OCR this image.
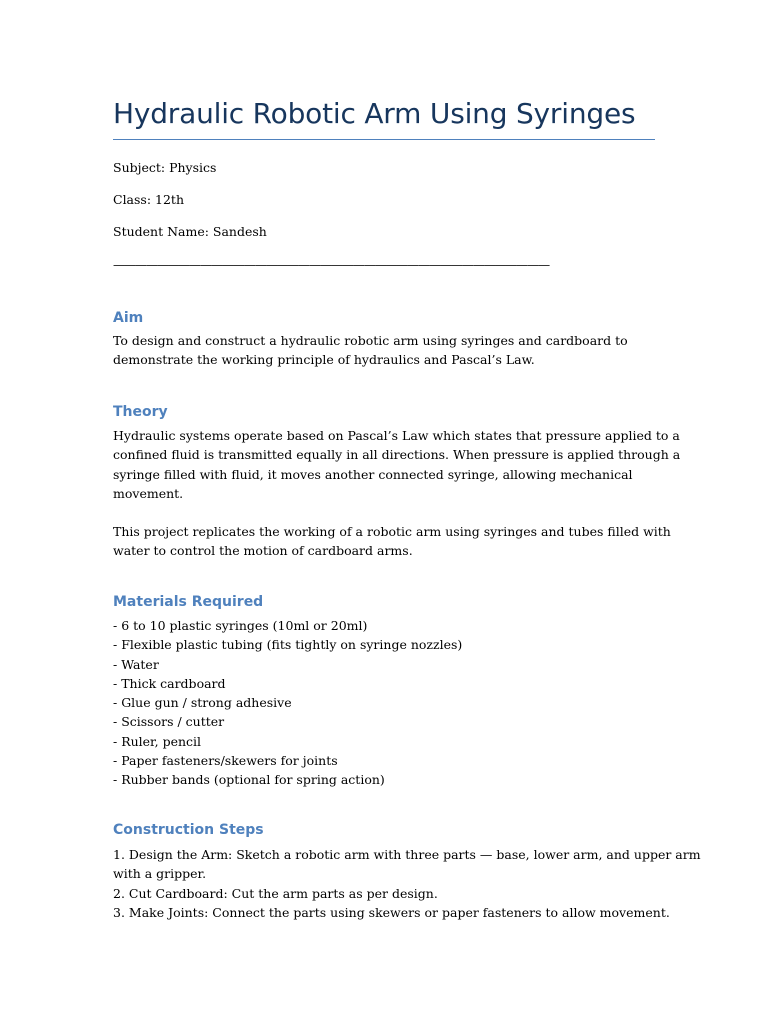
Hydraulic Robotic Arm Using Syringes

Subject: Physics

Class: 12th

Student Name: Sandesh

————————————————————————————————————————

Aim
To design and construct a hydraulic robotic arm using syringes and cardboard to
demonstrate the working principle of hydraulics and Pascal’s Law.
Theory
Hydraulic systems operate based on Pascal’s Law which states that pressure applied to a
confined fluid is transmitted equally in all directions. When pressure is applied through a
syringe filled with fluid, it moves another connected syringe, allowing mechanical
movement.
This project replicates the working of a robotic arm using syringes and tubes filled with
water to control the motion of cardboard arms.
Materials Required
- 6 to 10 plastic syringes (10ml or 20ml)
- Flexible plastic tubing (fits tightly on syringe nozzles)
- Water
- Thick cardboard
- Glue gun / strong adhesive
- Scissors / cutter
- Ruler, pencil
- Paper fasteners/skewers for joints
- Rubber bands (optional for spring action)
Construction Steps
1. Design the Arm: Sketch a robotic arm with three parts — base, lower arm, and upper arm
with a gripper.
2. Cut Cardboard: Cut the arm parts as per design.
3. Make Joints: Connect the parts using skewers or paper fasteners to allow movement.
